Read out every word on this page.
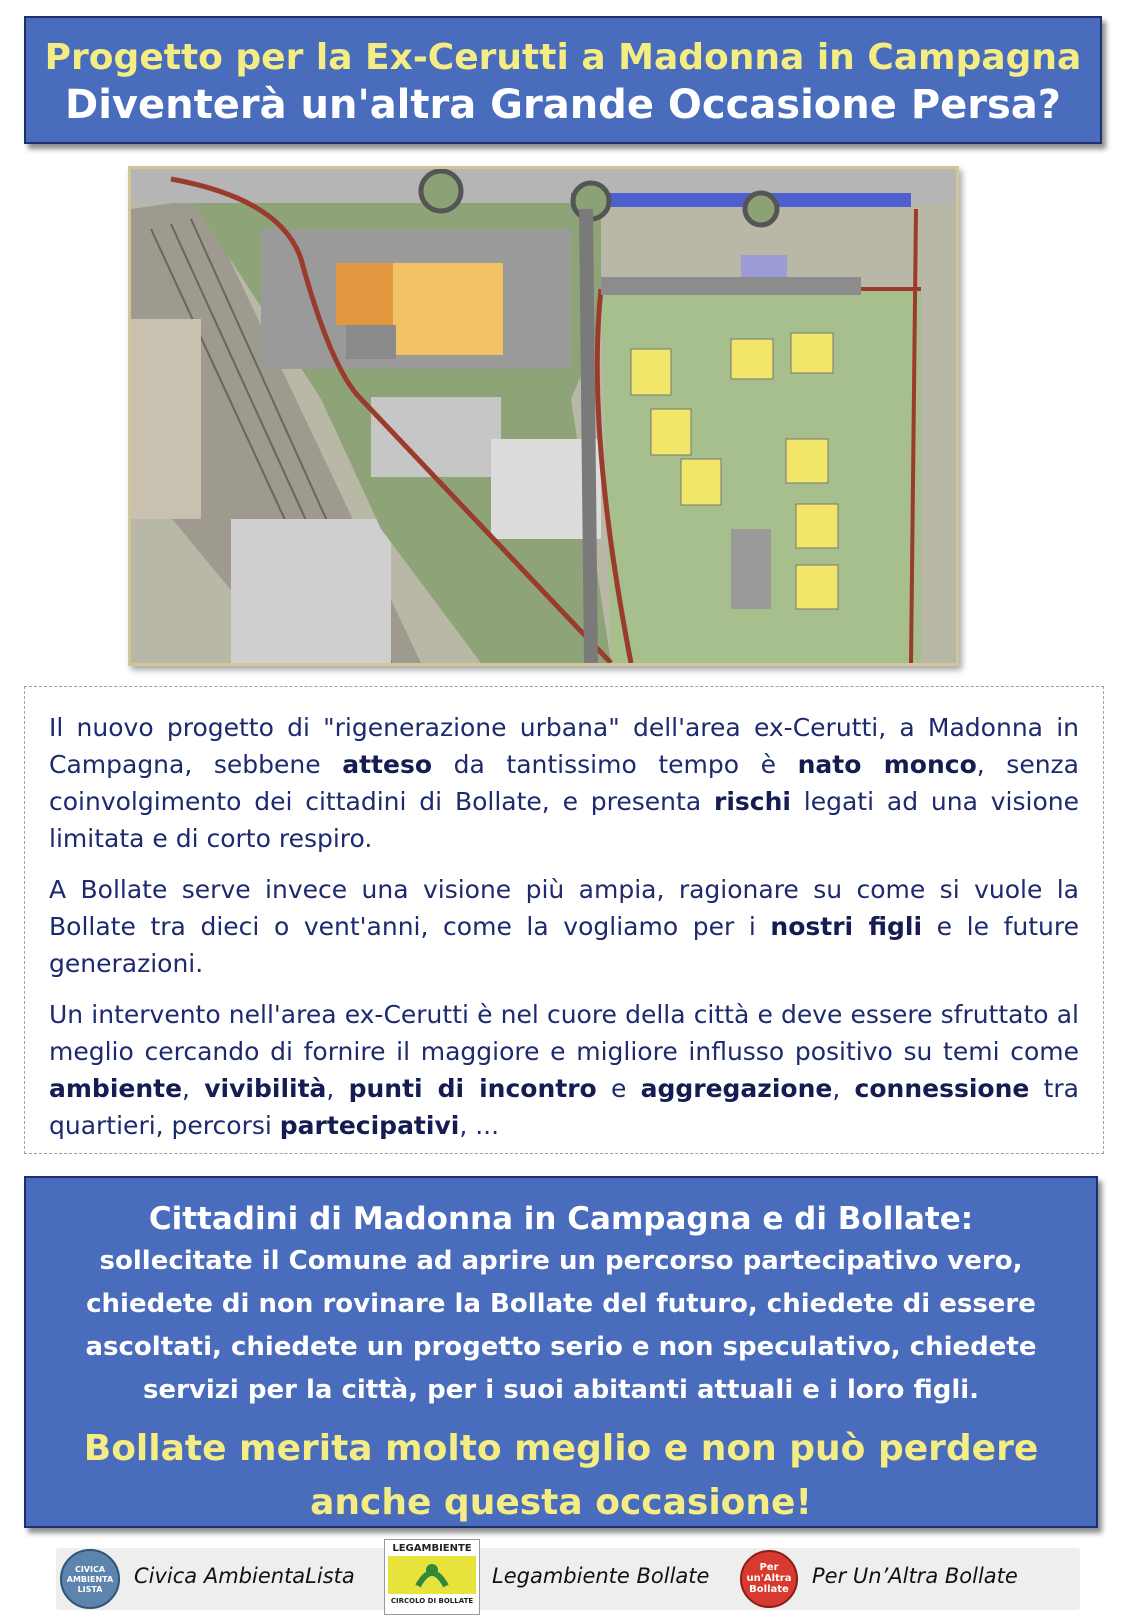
Progetto per la Ex-Cerutti a Madonna in Campagna
Diventerà un'altra Grande Occasione Persa?

Il nuovo progetto di "rigenerazione urbana" dell'area ex-Cerutti, a Madonna in Campagna, sebbene atteso da tantissimo tempo è nato monco, senza coinvolgimento dei cittadini di Bollate, e presenta rischi legati ad una visione limitata e di corto respiro.

A Bollate serve invece una visione più ampia, ragionare su come si vuole la Bollate tra dieci o vent'anni, come la vogliamo per i nostri figli e le future generazioni.

Un intervento nell'area ex-Cerutti è nel cuore della città e deve essere sfruttato al meglio cercando di fornire il maggiore e migliore influsso positivo su temi come ambiente, vivibilità, punti di incontro e aggregazione, connessione tra quartieri, percorsi partecipativi, ...

Cittadini di Madonna in Campagna e di Bollate:
sollecitate il Comune ad aprire un percorso partecipativo vero, chiedete di non rovinare la Bollate del futuro, chiedete di essere ascoltati, chiedete un progetto serio e non speculativo, chiedete servizi per la città, per i suoi abitanti attuali e i loro figli.
Bollate merita molto meglio e non può perdere
anche questa occasione!
CIVICA AMBIENTA LISTA
Civica AmbientaLista
LEGAMBIENTE
CIRCOLO DI BOLLATE
Legambiente Bollate	Per un'Altra Bollate
Per Un’Altra Bollate
